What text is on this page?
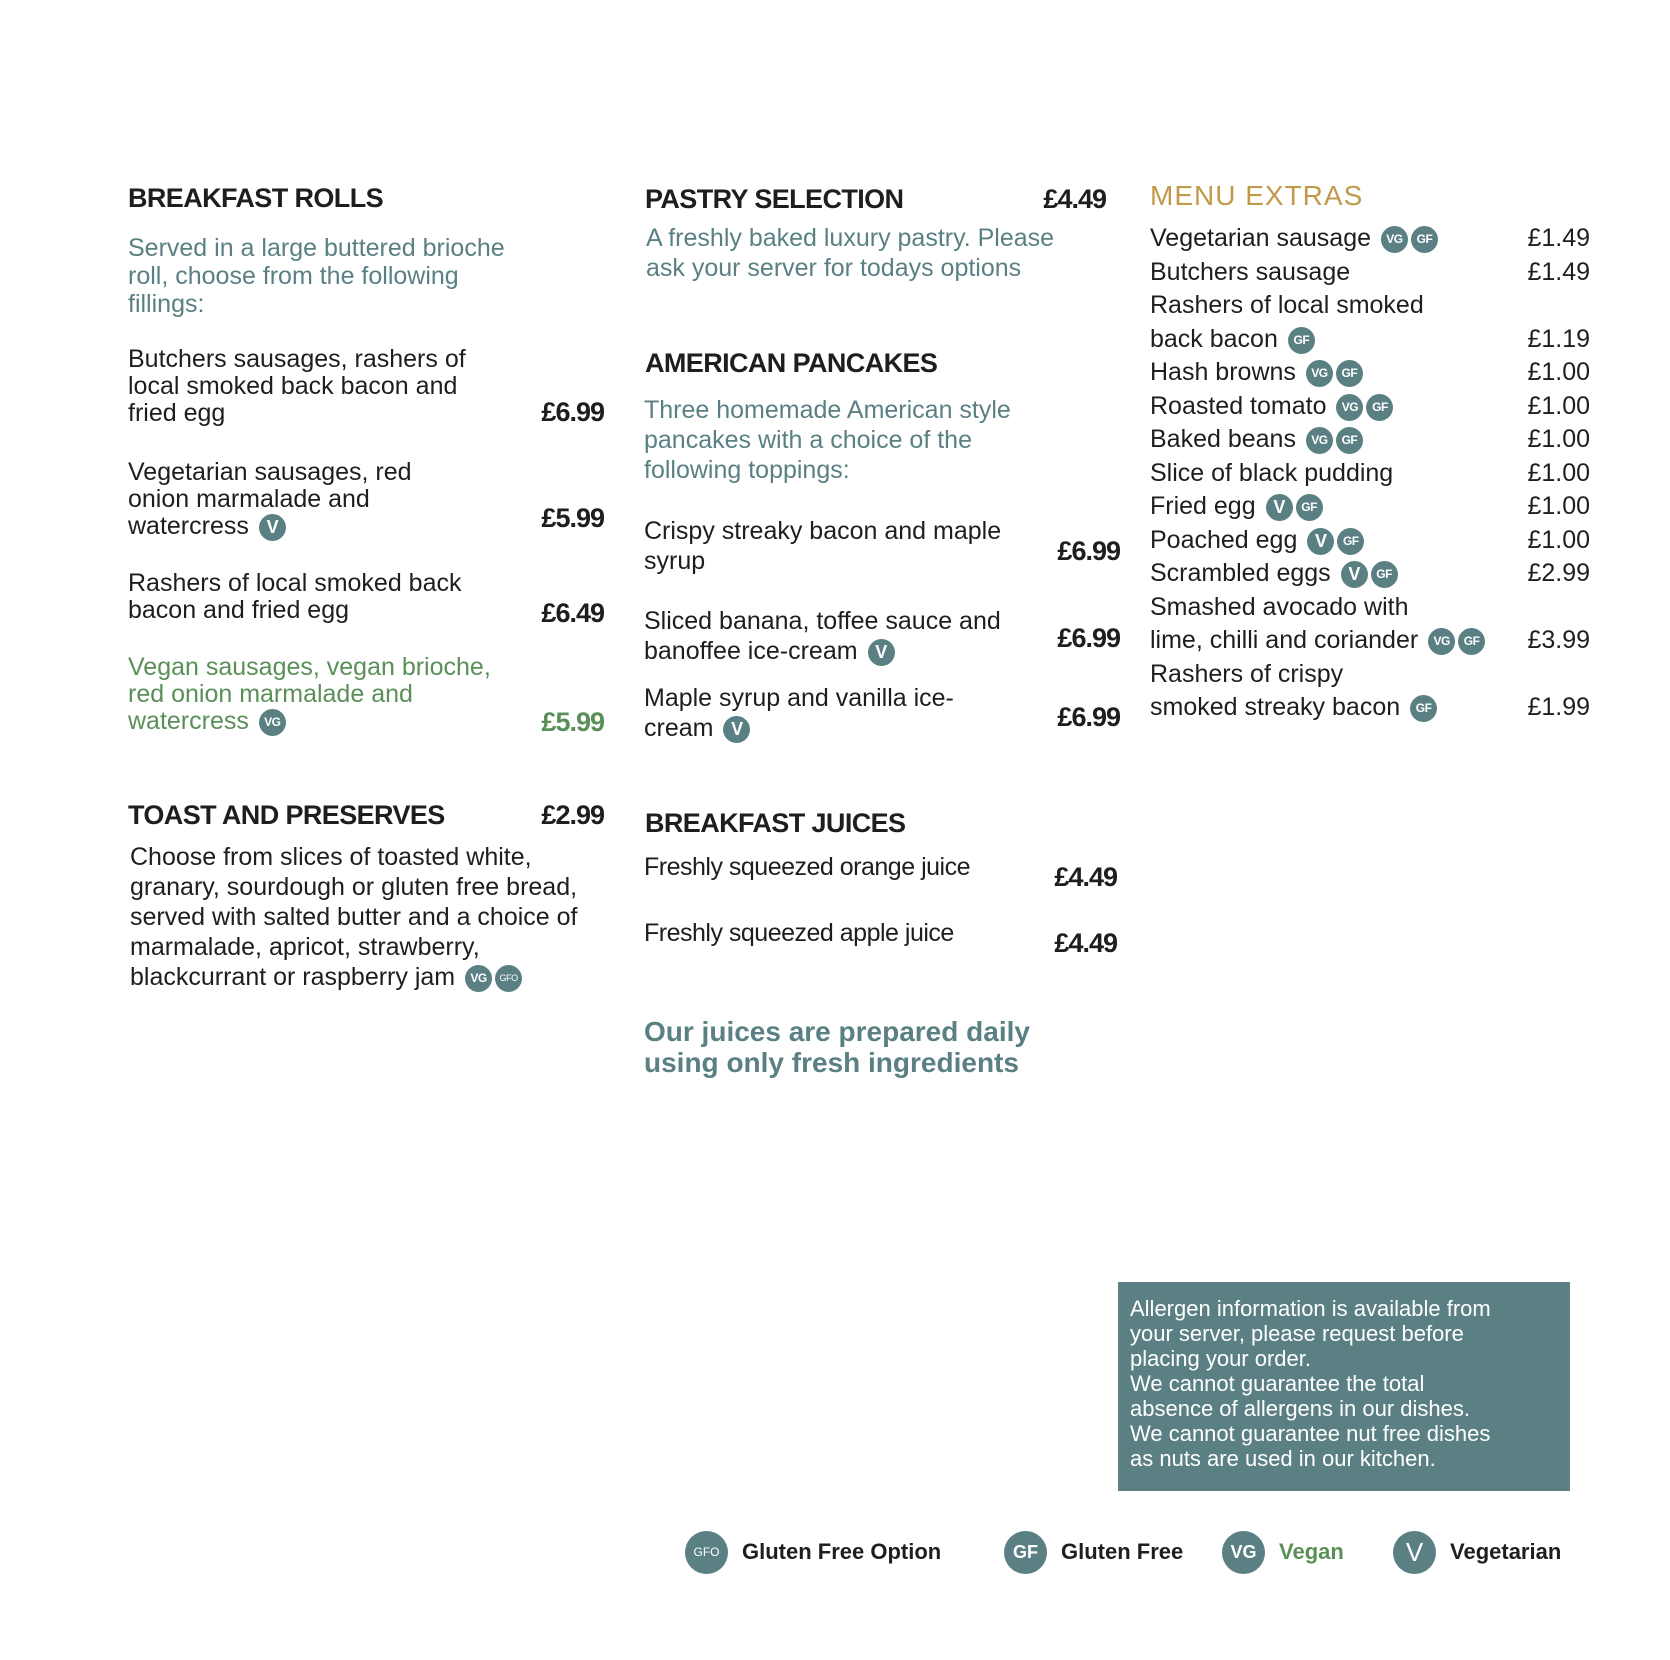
BREAKFAST ROLLS
Served in a large buttered brioche roll, choose from the following fillings:
Butchers sausages, rashers of local smoked back bacon and fried egg	£6.99
Vegetarian sausages, red onion marmalade and watercress V	£5.99
Rashers of local smoked back bacon and fried egg	£6.49
Vegan sausages, vegan brioche, red onion marmalade and watercress VG	£5.99
TOAST AND PRESERVES	£2.99
Choose from slices of toasted white, granary, sourdough or gluten free bread, served with salted butter and a choice of marmalade, apricot, strawberry, blackcurrant or raspberry jam VG GFO
PASTRY SELECTION	£4.49
A freshly baked luxury pastry. Please ask your server for todays options
AMERICAN PANCAKES
Three homemade American style pancakes with a choice of the following toppings:
Crispy streaky bacon and maple syrup	£6.99
Sliced banana, toffee sauce and banoffee ice-cream V	£6.99
Maple syrup and vanilla ice-cream V	£6.99
BREAKFAST JUICES
Freshly squeezed orange juice	£4.49
Freshly squeezed apple juice	£4.49
Our juices are prepared daily using only fresh ingredients
MENU EXTRAS
Vegetarian sausage VG GF	£1.49
Butchers sausage	£1.49
Rashers of local smoked
back bacon GF	£1.19
Hash browns VG GF	£1.00
Roasted tomato VG GF	£1.00
Baked beans VG GF	£1.00
Slice of black pudding	£1.00
Fried egg V GF	£1.00
Poached egg V GF	£1.00
Scrambled eggs V GF	£2.99
Smashed avocado with
lime, chilli and coriander VG GF £3.99
Rashers of crispy
smoked streaky bacon GF	£1.99
Allergen information is available from
your server, please request before
placing your order.
We cannot guarantee the total
absence of allergens in our dishes.
We cannot guarantee nut free dishes
as nuts are used in our kitchen.
GFO	Gluten Free Option	GF	Gluten Free	VG	Vegan	V	Vegetarian
